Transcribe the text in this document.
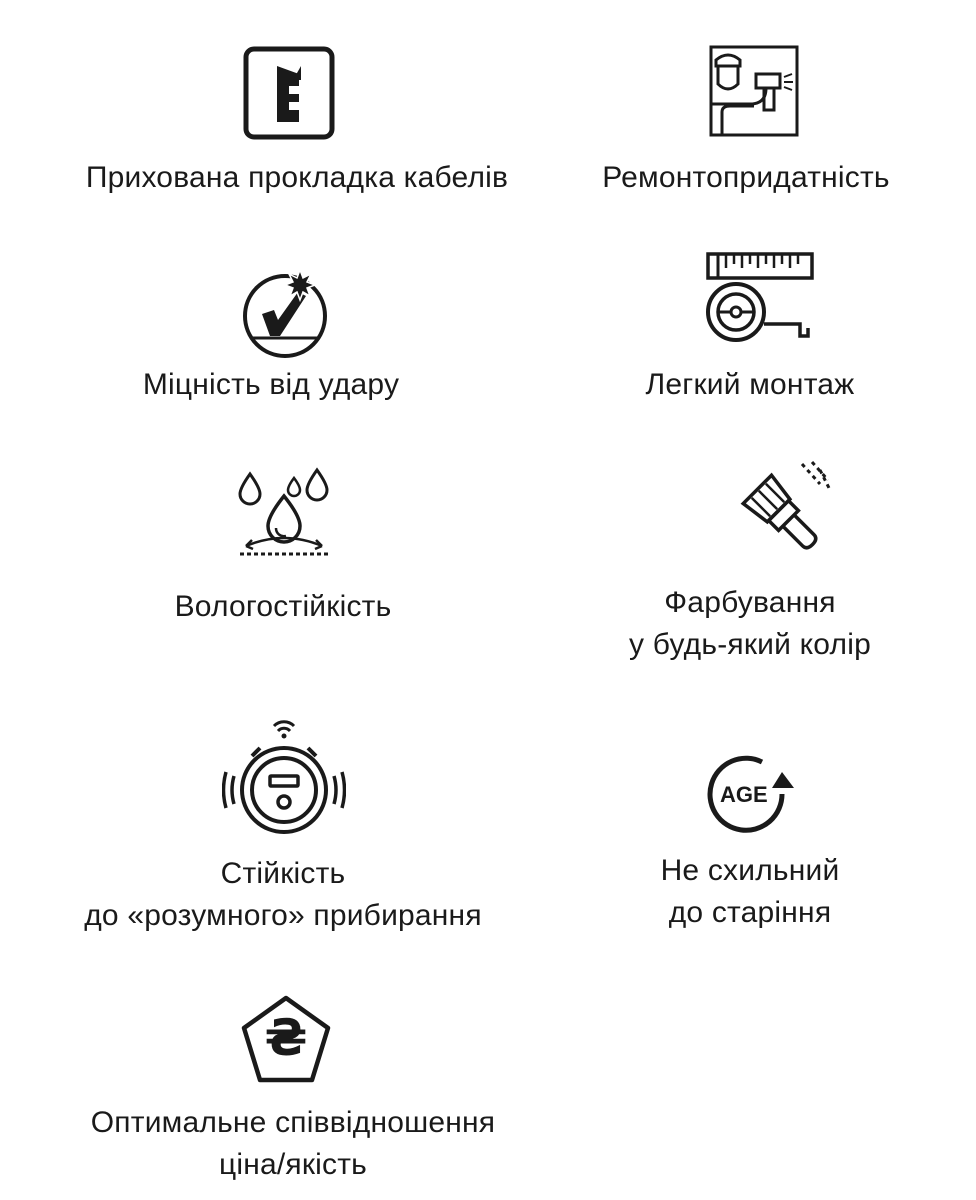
Прихована прокладка кабелів	Ремонтопридатність
Міцність від удару	Легкий монтаж
Вологостійкість	Фарбування
у будь-який колір
Стійкість
до «розумного» прибирання
AGE
Не схильний
до старіння
₴
Оптимальне співвідношення
ціна/якість
